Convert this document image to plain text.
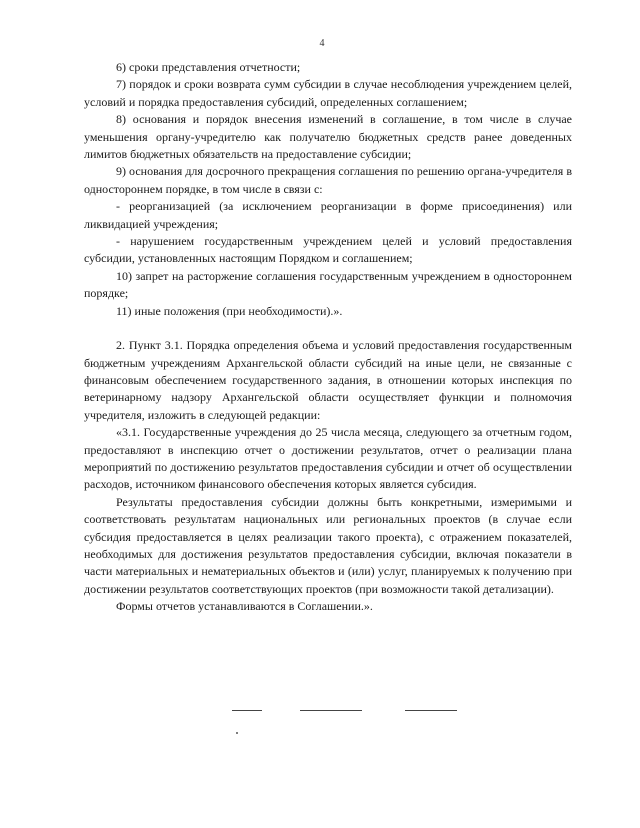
4

6) сроки представления отчетности;

7) порядок и сроки возврата сумм субсидии в случае несоблюдения учреждением целей, условий и порядка предоставления субсидий, определенных соглашением;

8) основания и порядок внесения изменений в соглашение, в том числе в случае уменьшения органу-учредителю как получателю бюджетных средств ранее доведенных лимитов бюджетных обязательств на предоставление субсидии;

9) основания для досрочного прекращения соглашения по решению органа-учредителя в одностороннем порядке, в том числе в связи с:

- реорганизацией (за исключением реорганизации в форме присоединения) или ликвидацией учреждения;

- нарушением государственным учреждением целей и условий предоставления субсидии, установленных настоящим Порядком и соглашением;

10) запрет на расторжение соглашения государственным учреждением в одностороннем порядке;

11) иные положения (при необходимости).».

2. Пункт 3.1. Порядка определения объема и условий предоставления государственным бюджетным учреждениям Архангельской области субсидий на иные цели, не связанные с финансовым обеспечением государственного задания, в отношении которых инспекция по ветеринарному надзору Архангельской области осуществляет функции и полномочия учредителя, изложить в следующей редакции:

«3.1. Государственные учреждения до 25 числа месяца, следующего за отчетным годом, предоставляют в инспекцию отчет о достижении результатов, отчет о реализации плана мероприятий по достижению результатов предоставления субсидии и отчет об осуществлении расходов, источником финансового обеспечения которых является субсидия.

Результаты предоставления субсидии должны быть конкретными, измеримыми и соответствовать результатам национальных или региональных проектов (в случае если субсидия предоставляется в целях реализации такого проекта), с отражением показателей, необходимых для достижения результатов предоставления субсидии, включая показатели в части материальных и нематериальных объектов и (или) услуг, планируемых к получению при достижении результатов соответствующих проектов (при возможности такой детализации).

Формы отчетов устанавливаются в Соглашении.».
